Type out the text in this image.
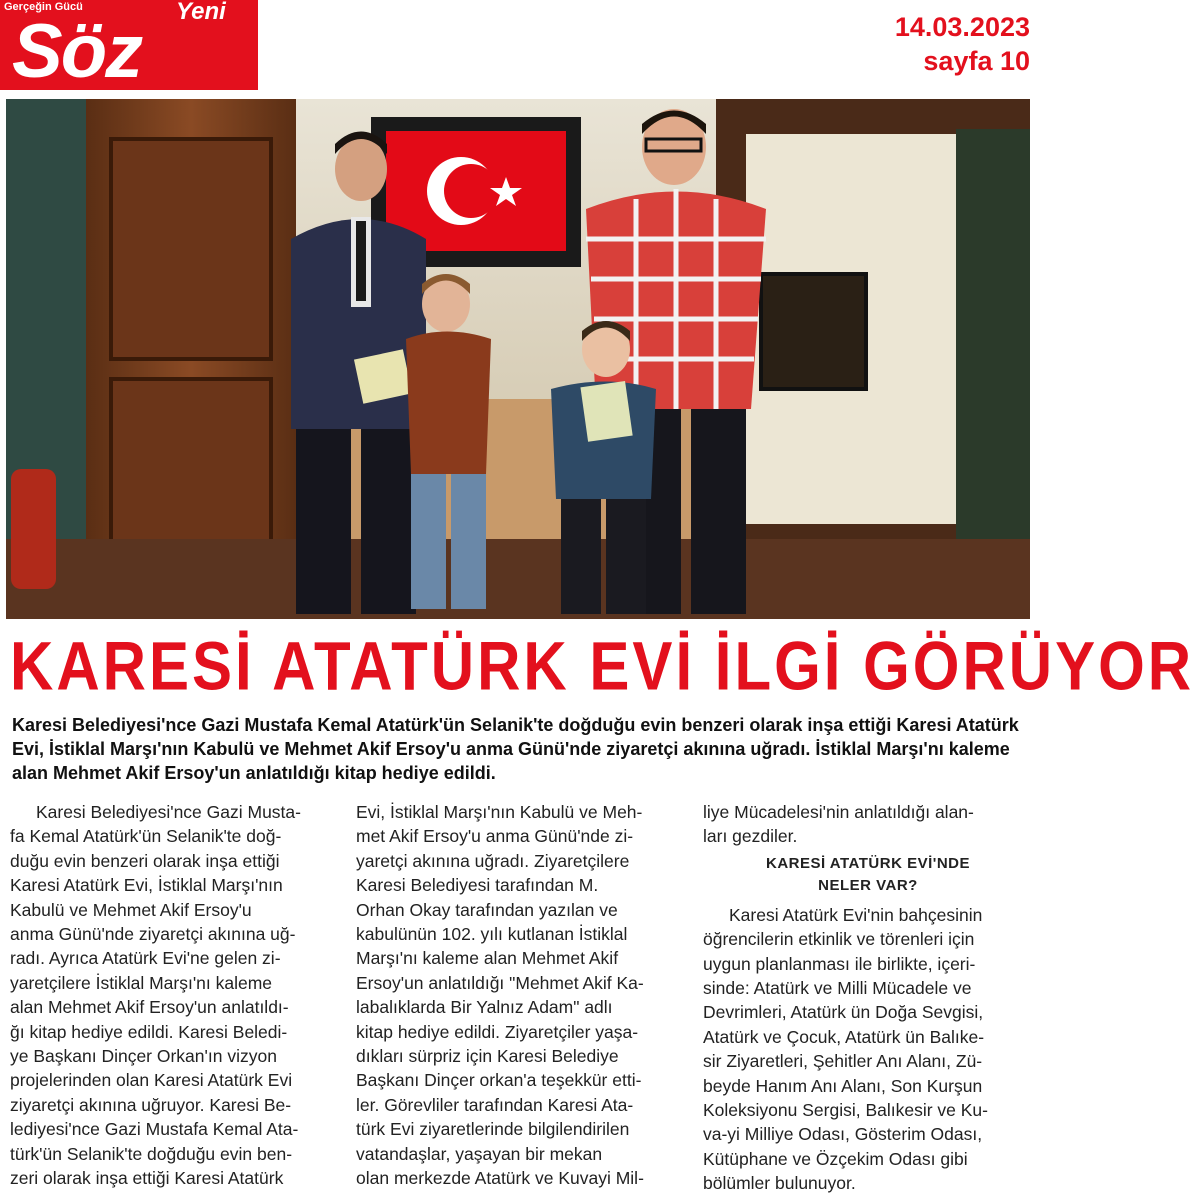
Gerçeğin Gücü	Yeni
Söz	14.03.2023
sayfa 10
KARESİ ATATÜRK EVİ İLGİ GÖRÜYOR
Karesi Belediyesi'nce Gazi Mustafa Kemal Atatürk'ün Selanik'te doğduğu evin benzeri olarak inşa ettiği Karesi Atatürk Evi, İstiklal Marşı'nın Kabulü ve Mehmet Akif Ersoy'u anma Günü'nde ziyaretçi akınına uğradı. İstiklal Marşı'nı kaleme alan Mehmet Akif Ersoy'un anlatıldığı kitap hediye edildi.

Karesi Belediyesi'nce Gazi Musta-

fa Kemal Atatürk'ün Selanik'te doğ-

duğu evin benzeri olarak inşa ettiği

Karesi Atatürk Evi, İstiklal Marşı'nın

Kabulü ve Mehmet Akif Ersoy'u

anma Günü'nde ziyaretçi akınına uğ-

radı. Ayrıca Atatürk Evi'ne gelen zi-

yaretçilere İstiklal Marşı'nı kaleme

alan Mehmet Akif Ersoy'un anlatıldı-

ğı kitap hediye edildi. Karesi Beledi-

ye Başkanı Dinçer Orkan'ın vizyon

projelerinden olan Karesi Atatürk Evi

ziyaretçi akınına uğruyor. Karesi Be-

lediyesi'nce Gazi Mustafa Kemal Ata-

türk'ün Selanik'te doğduğu evin ben-

zeri olarak inşa ettiği Karesi Atatürk

Evi, İstiklal Marşı'nın Kabulü ve Meh-

met Akif Ersoy'u anma Günü'nde zi-

yaretçi akınına uğradı. Ziyaretçilere

Karesi Belediyesi tarafından M.

Orhan Okay tarafından yazılan ve

kabulünün 102. yılı kutlanan İstiklal

Marşı'nı kaleme alan Mehmet Akif

Ersoy'un anlatıldığı "Mehmet Akif Ka-

labalıklarda Bir Yalnız Adam" adlı

kitap hediye edildi. Ziyaretçiler yaşa-

dıkları sürpriz için Karesi Belediye

Başkanı Dinçer orkan'a teşekkür etti-

ler. Görevliler tarafından Karesi Ata-

türk Evi ziyaretlerinde bilgilendirilen

vatandaşlar, yaşayan bir mekan

olan merkezde Atatürk ve Kuvayi Mil-

liye Mücadelesi'nin anlatıldığı alan-

ları gezdiler.

KARESİ ATATÜRK EVİ'NDE
NELER VAR?

Karesi Atatürk Evi'nin bahçesinin

öğrencilerin etkinlik ve törenleri için

uygun planlanması ile birlikte, içeri-

sinde: Atatürk ve Milli Mücadele ve

Devrimleri, Atatürk ün Doğa Sevgisi,

Atatürk ve Çocuk, Atatürk ün Balıke-

sir Ziyaretleri, Şehitler Anı Alanı, Zü-

beyde Hanım Anı Alanı, Son Kurşun

Koleksiyonu Sergisi, Balıkesir ve Ku-

va-yi Milliye Odası, Gösterim Odası,

Kütüphane ve Özçekim Odası gibi

bölümler bulunuyor.
